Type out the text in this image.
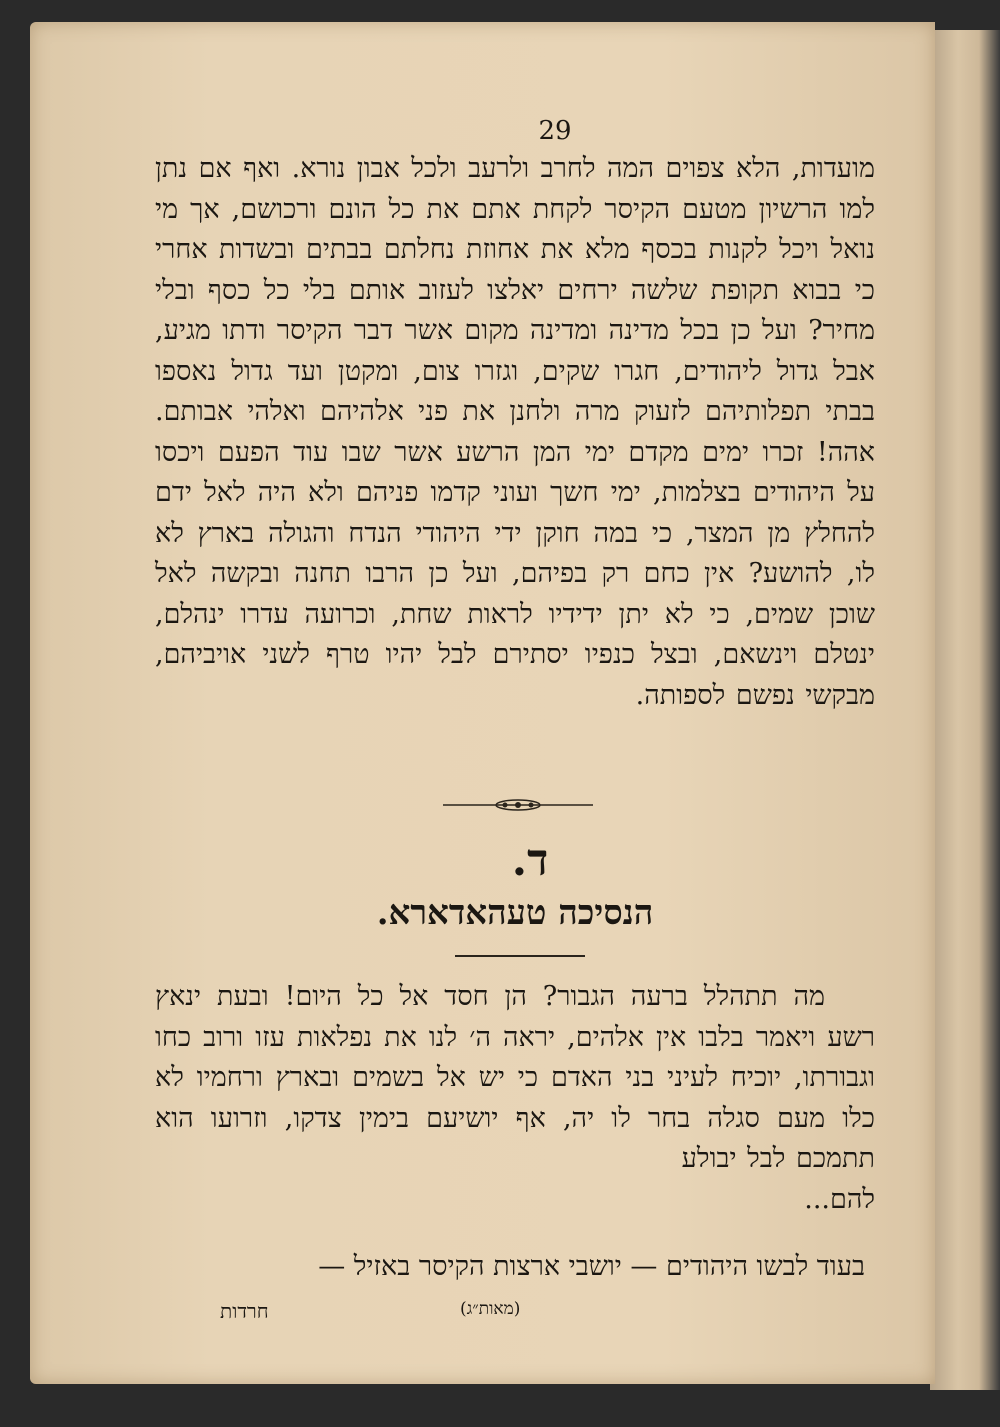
29

מועדות, הלא צפוים המה לחרב ולרעב ולכל אבון נורא. ואף אם נתן למו הרשיון מטעם הקיסר לקחת אתם את כל הונם ורכושם, אך מי נואל ויכל לקנות בכסף מלא את אחוזת נחלתם בבתים ובשדות אחרי כי בבוא תקופת שלשה ירחים יאלצו לעזוב אותם בלי כל כסף ובלי מחיר? ועל כן בכל מדינה ומדינה מקום אשר דבר הקיסר ודתו מגיע, אבל גדול ליהודים, חגרו שקים, וגזרו צום, ומקטן ועד גדול נאספו בבתי תפלותיהם לזעוק מרה ולחנן את פני אלהיהם ואלהי אבותם. אהה! זכרו ימים מקדם ימי המן הרשע אשר שבו עוד הפעם ויכסו על היהודים בצלמות, ימי חשך ועוני קדמו פניהם ולא היה לאל ידם להחלץ מן המצר, כי במה חוקן ידי היהודי הנדח והגולה בארץ לא לו, להושע? אין כחם רק בפיהם, ועל כן הרבו תחנה ובקשה לאל שוכן שמים, כי לא יתן ידידיו לראות שחת, וכרועה עדרו ינהלם, ינטלם וינשאם, ובצל כנפיו יסתירם לבל יהיו טרף לשני אויביהם, מבקשי נפשם לספותה.

ד.
הנסיכה טעהאדארא.

מה תתהלל ברעה הגבור? הן חסד אל כל היום! ובעת ינאץ רשע ויאמר בלבו אין אלהים, יראה ה׳ לנו את נפלאות עזו ורוב כחו וגבורתו, יוכיח לעיני בני האדם כי יש אל בשמים ובארץ ורחמיו לא כלו מעם סגלה בחר לו יה, אף יושיעם בימין צדקו, וזרועו הוא תתמכם לבל יבולע

להם...

בעוד לבשו היהודים — יושבי ארצות הקיסר באזיל —
חרדות	(מאות״ג)
